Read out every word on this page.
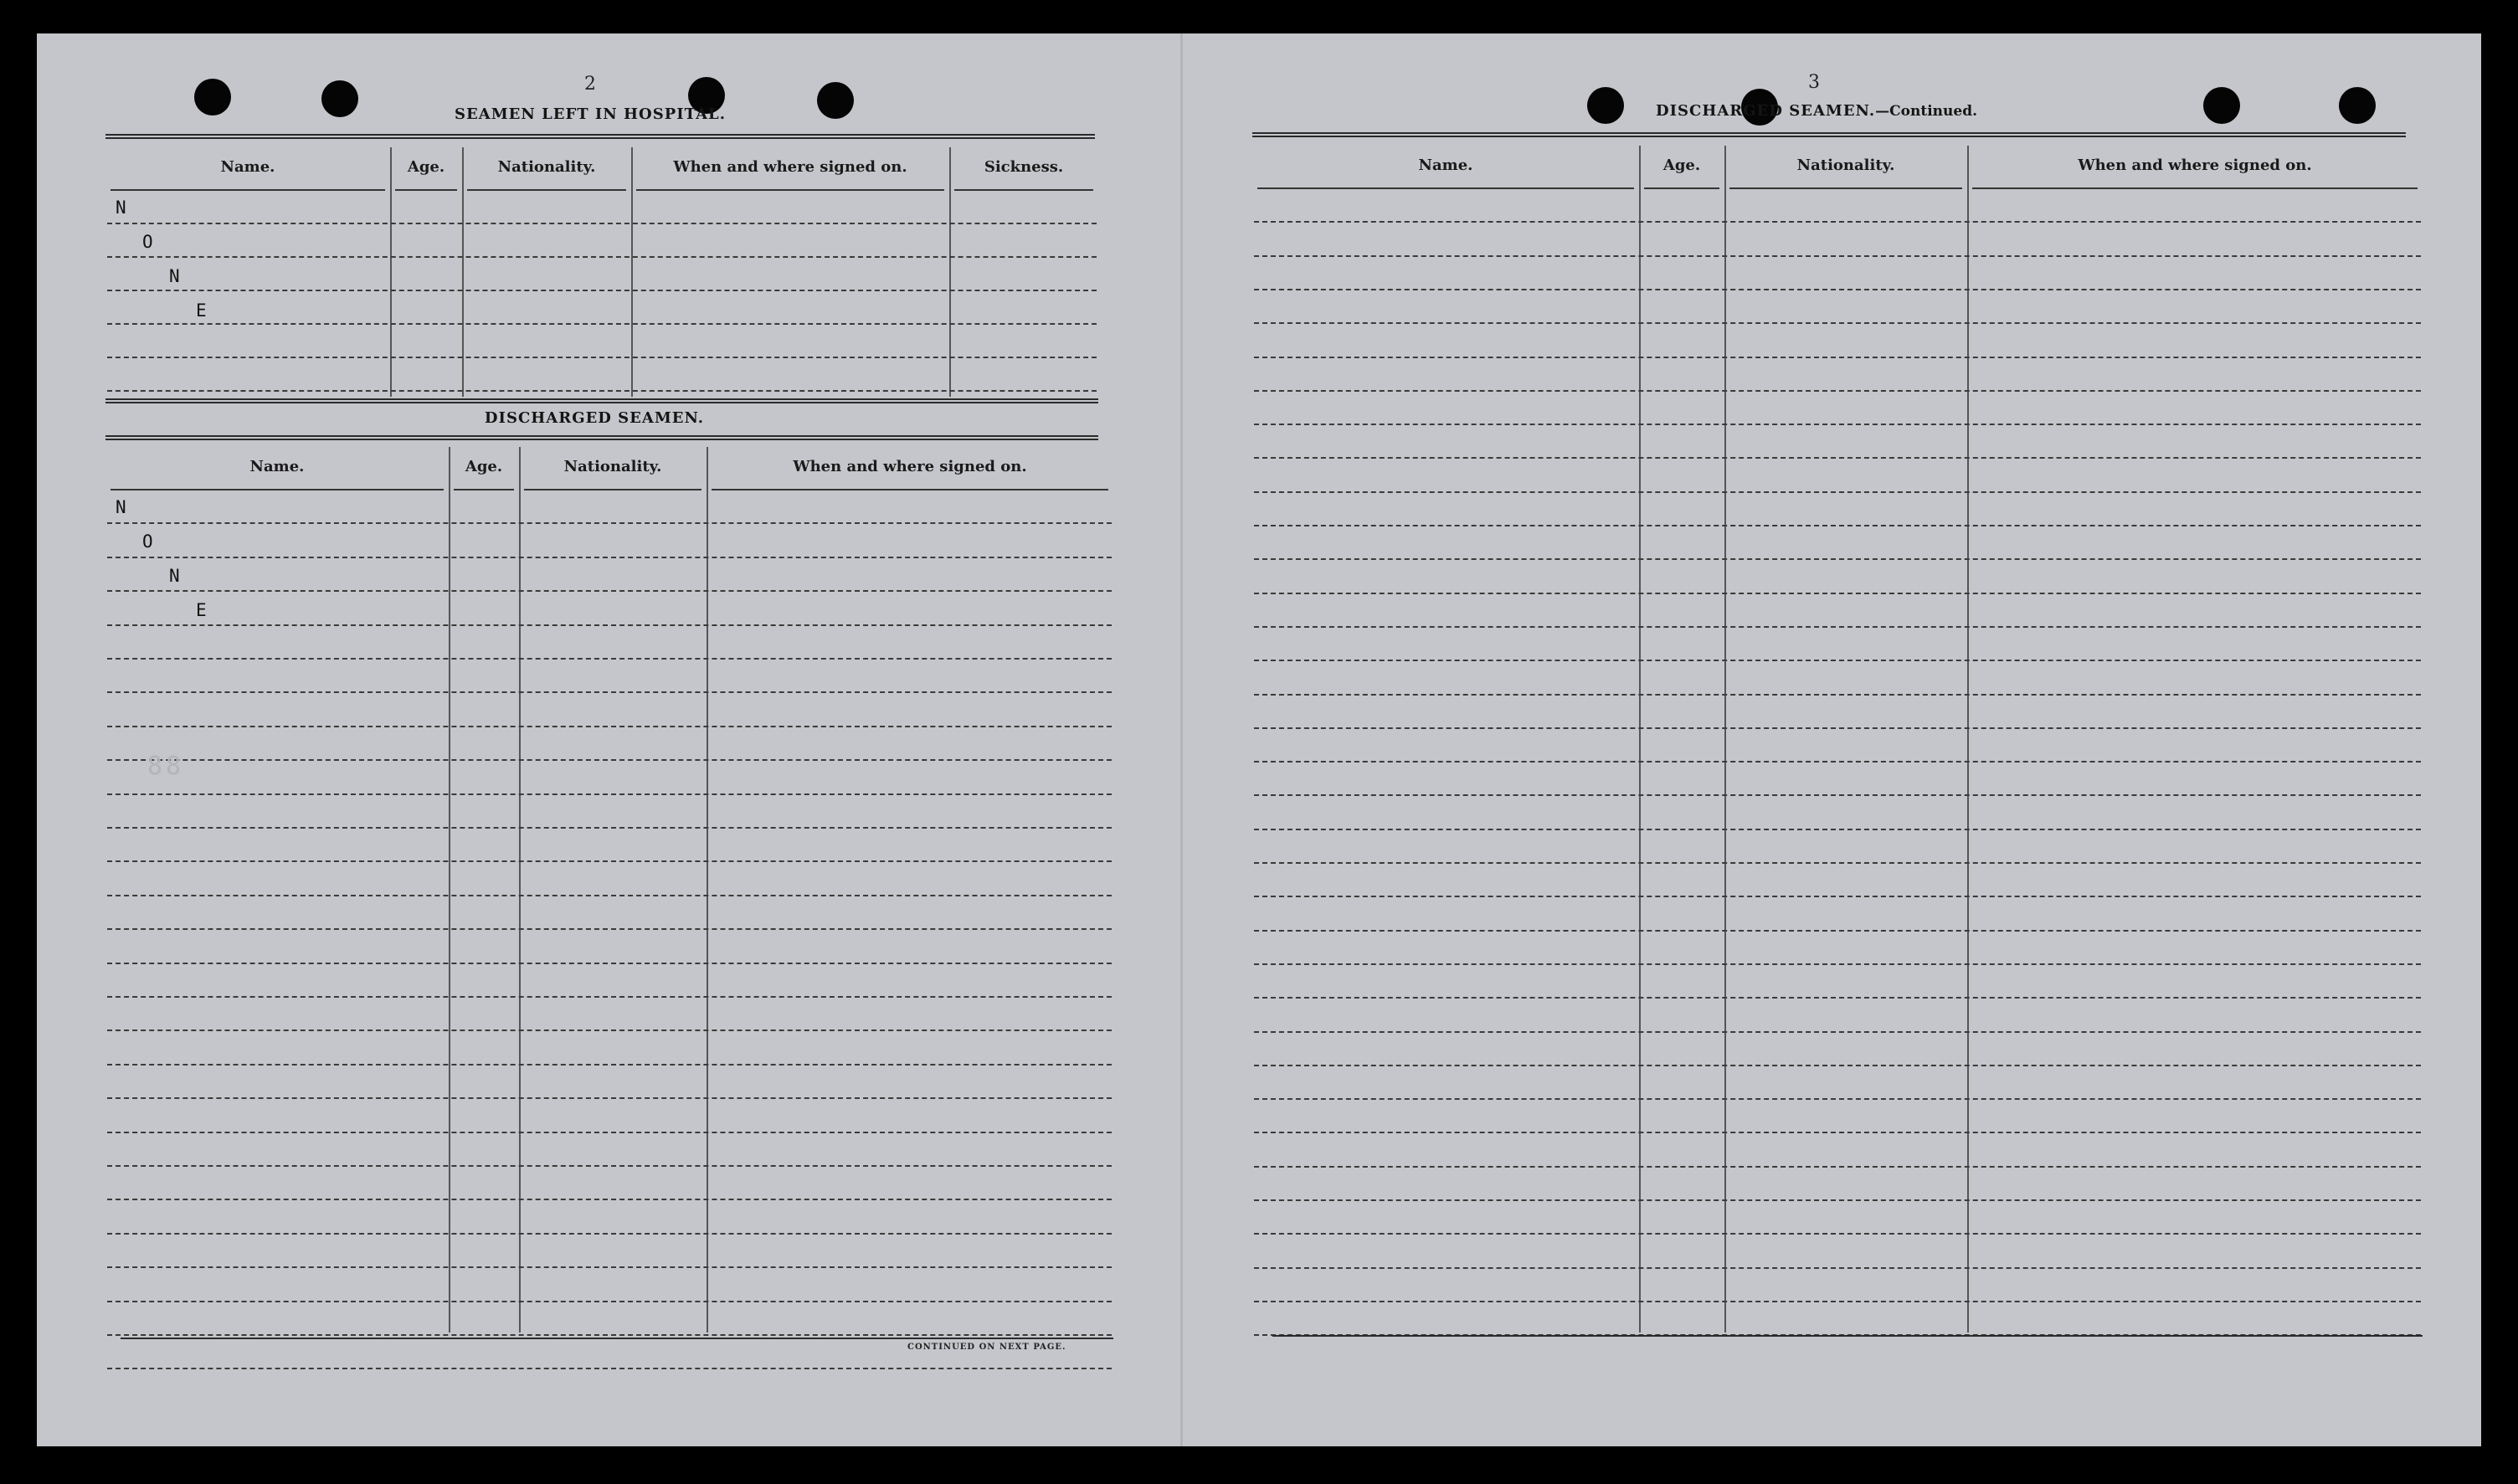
2
SEAMEN LEFT IN HOSPITAL.
Name.	Age.	Nationality.	When and where signed on.	Sickness.
N
O
N
E
DISCHARGED SEAMEN.
Name.	Age.	Nationality.	When and where signed on.
N
O
N
E
CONTINUED ON NEXT PAGE.
3
DISCHARGED SEAMEN.—Continued.
Name.	Age.	Nationality.	When and where signed on.
88
